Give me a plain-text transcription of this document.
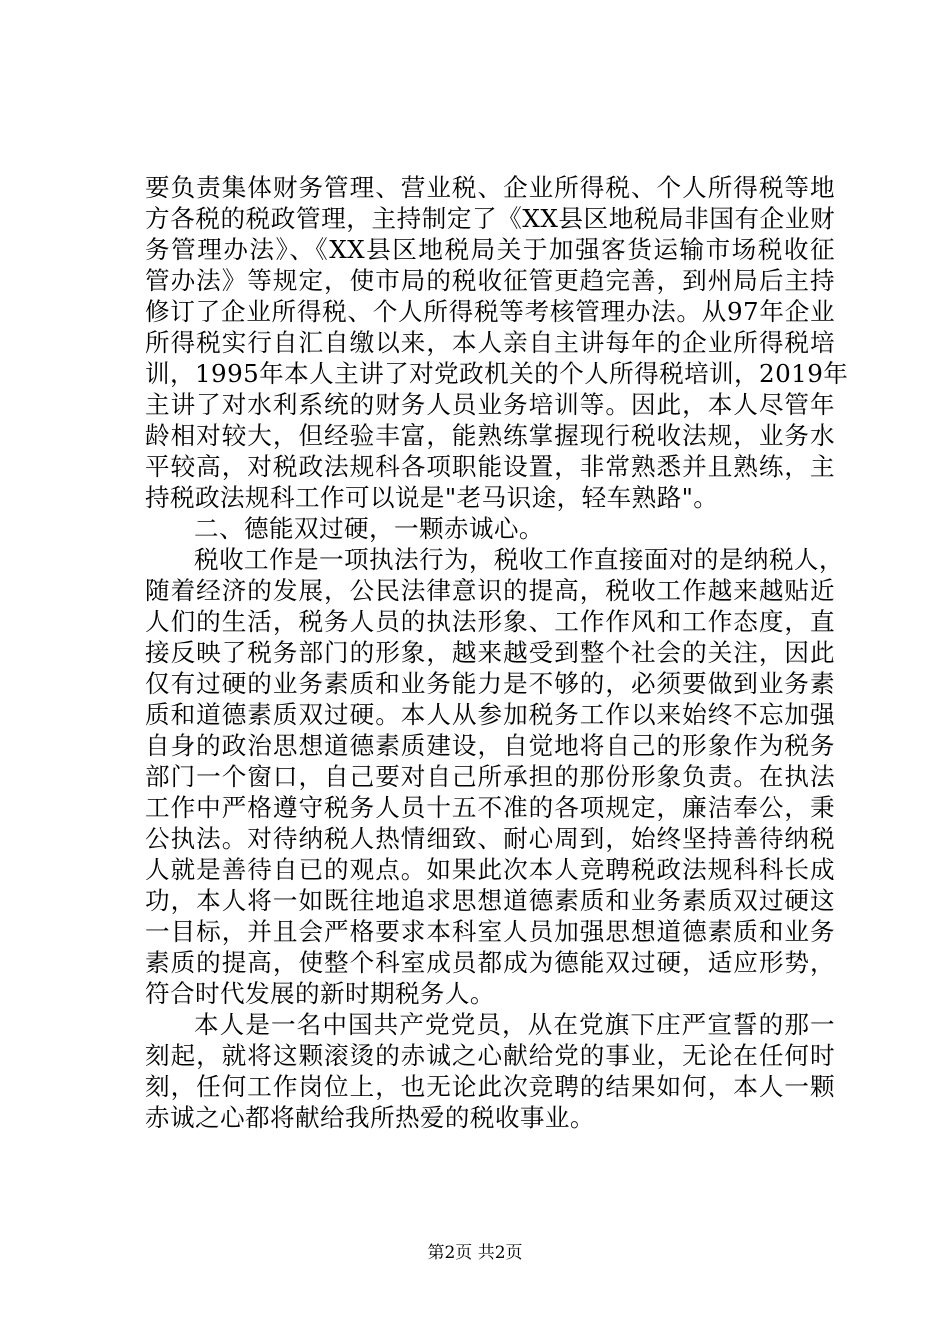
要负责集体财务管理、营业税、企业所得税、个人所得税等地
方各税的税政管理，主持制定了《XX县区地税局非国有企业财
务管理办法》、《XX县区地税局关于加强客货运输市场税收征
管办法》等规定，使市局的税收征管更趋完善，到州局后主持
修订了企业所得税、个人所得税等考核管理办法。从97年企业
所得税实行自汇自缴以来，本人亲自主讲每年的企业所得税培
训，1995年本人主讲了对党政机关的个人所得税培训，2019年
主讲了对水利系统的财务人员业务培训等。因此，本人尽管年
龄相对较大，但经验丰富，能熟练掌握现行税收法规，业务水
平较高，对税政法规科各项职能设置，非常熟悉并且熟练，主
持税政法规科工作可以说是"老马识途，轻车熟路"。
二、德能双过硬，一颗赤诚心。
税收工作是一项执法行为，税收工作直接面对的是纳税人，
随着经济的发展，公民法律意识的提高，税收工作越来越贴近
人们的生活，税务人员的执法形象、工作作风和工作态度，直
接反映了税务部门的形象，越来越受到整个社会的关注，因此
仅有过硬的业务素质和业务能力是不够的，必须要做到业务素
质和道德素质双过硬。本人从参加税务工作以来始终不忘加强
自身的政治思想道德素质建设，自觉地将自己的形象作为税务
部门一个窗口，自己要对自己所承担的那份形象负责。在执法
工作中严格遵守税务人员十五不准的各项规定，廉洁奉公，秉
公执法。对待纳税人热情细致、耐心周到，始终坚持善待纳税
人就是善待自已的观点。如果此次本人竞聘税政法规科科长成
功，本人将一如既往地追求思想道德素质和业务素质双过硬这
一目标，并且会严格要求本科室人员加强思想道德素质和业务
素质的提高，使整个科室成员都成为德能双过硬，适应形势，
符合时代发展的新时期税务人。
本人是一名中国共产党党员，从在党旗下庄严宣誓的那一
刻起，就将这颗滚烫的赤诚之心献给党的事业，无论在任何时
刻，任何工作岗位上，也无论此次竞聘的结果如何，本人一颗
赤诚之心都将献给我所热爱的税收事业。
第2页 共2页
